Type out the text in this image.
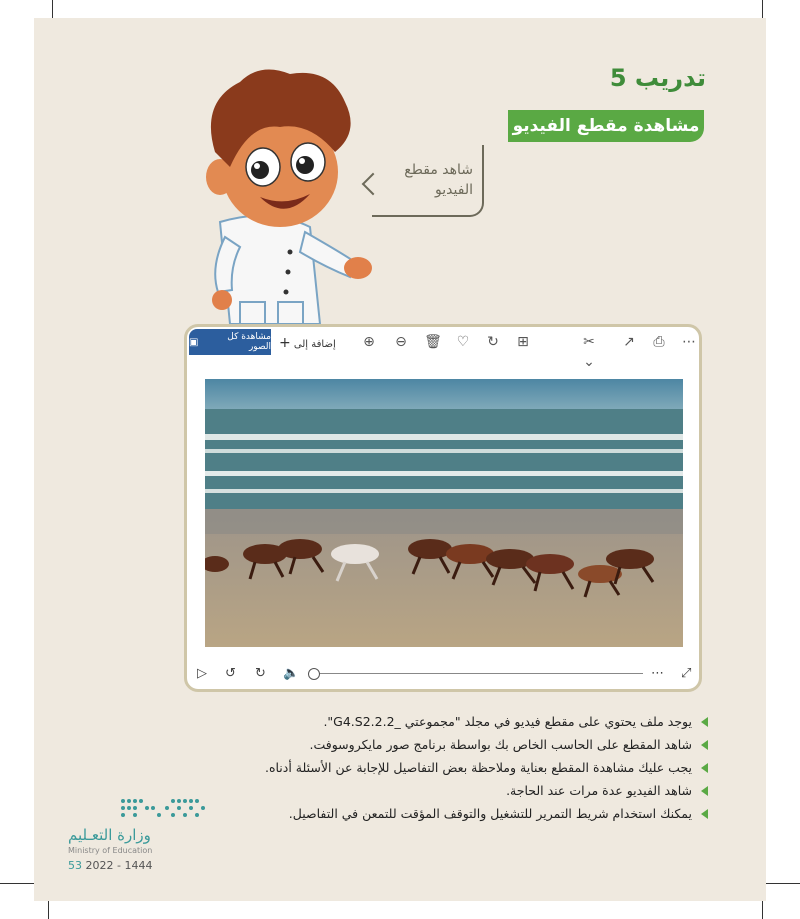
تدريب 5
مشاهدة مقطع الفيديو
شاهد مقطع الفيديو
مشاهدة كل الصور
▣	إضافة إلى +	⊕ ⊖ 🗑 ♡ ↻ ⊞	✂⌄
↗	⎙	⋯
▷ ↺ ↻ 🔈	⋯ ⤢
يوجد ملف يحتوي على مقطع فيديو في مجلد "مجموعتي _G4.S2.2.2".
شاهد المقطع على الحاسب الخاص بك بواسطة برنامج صور مايكروسوفت.
يجب عليك مشاهدة المقطع بعناية وملاحظة بعض التفاصيل للإجابة عن الأسئلة أدناه.
شاهد الفيديو عدة مرات عند الحاجة.
يمكنك استخدام شريط التمرير للتشغيل والتوقف المؤقت للتمعن في التفاصيل.
وزارة التعـليم
Ministry of Education
53 2022 - 1444
